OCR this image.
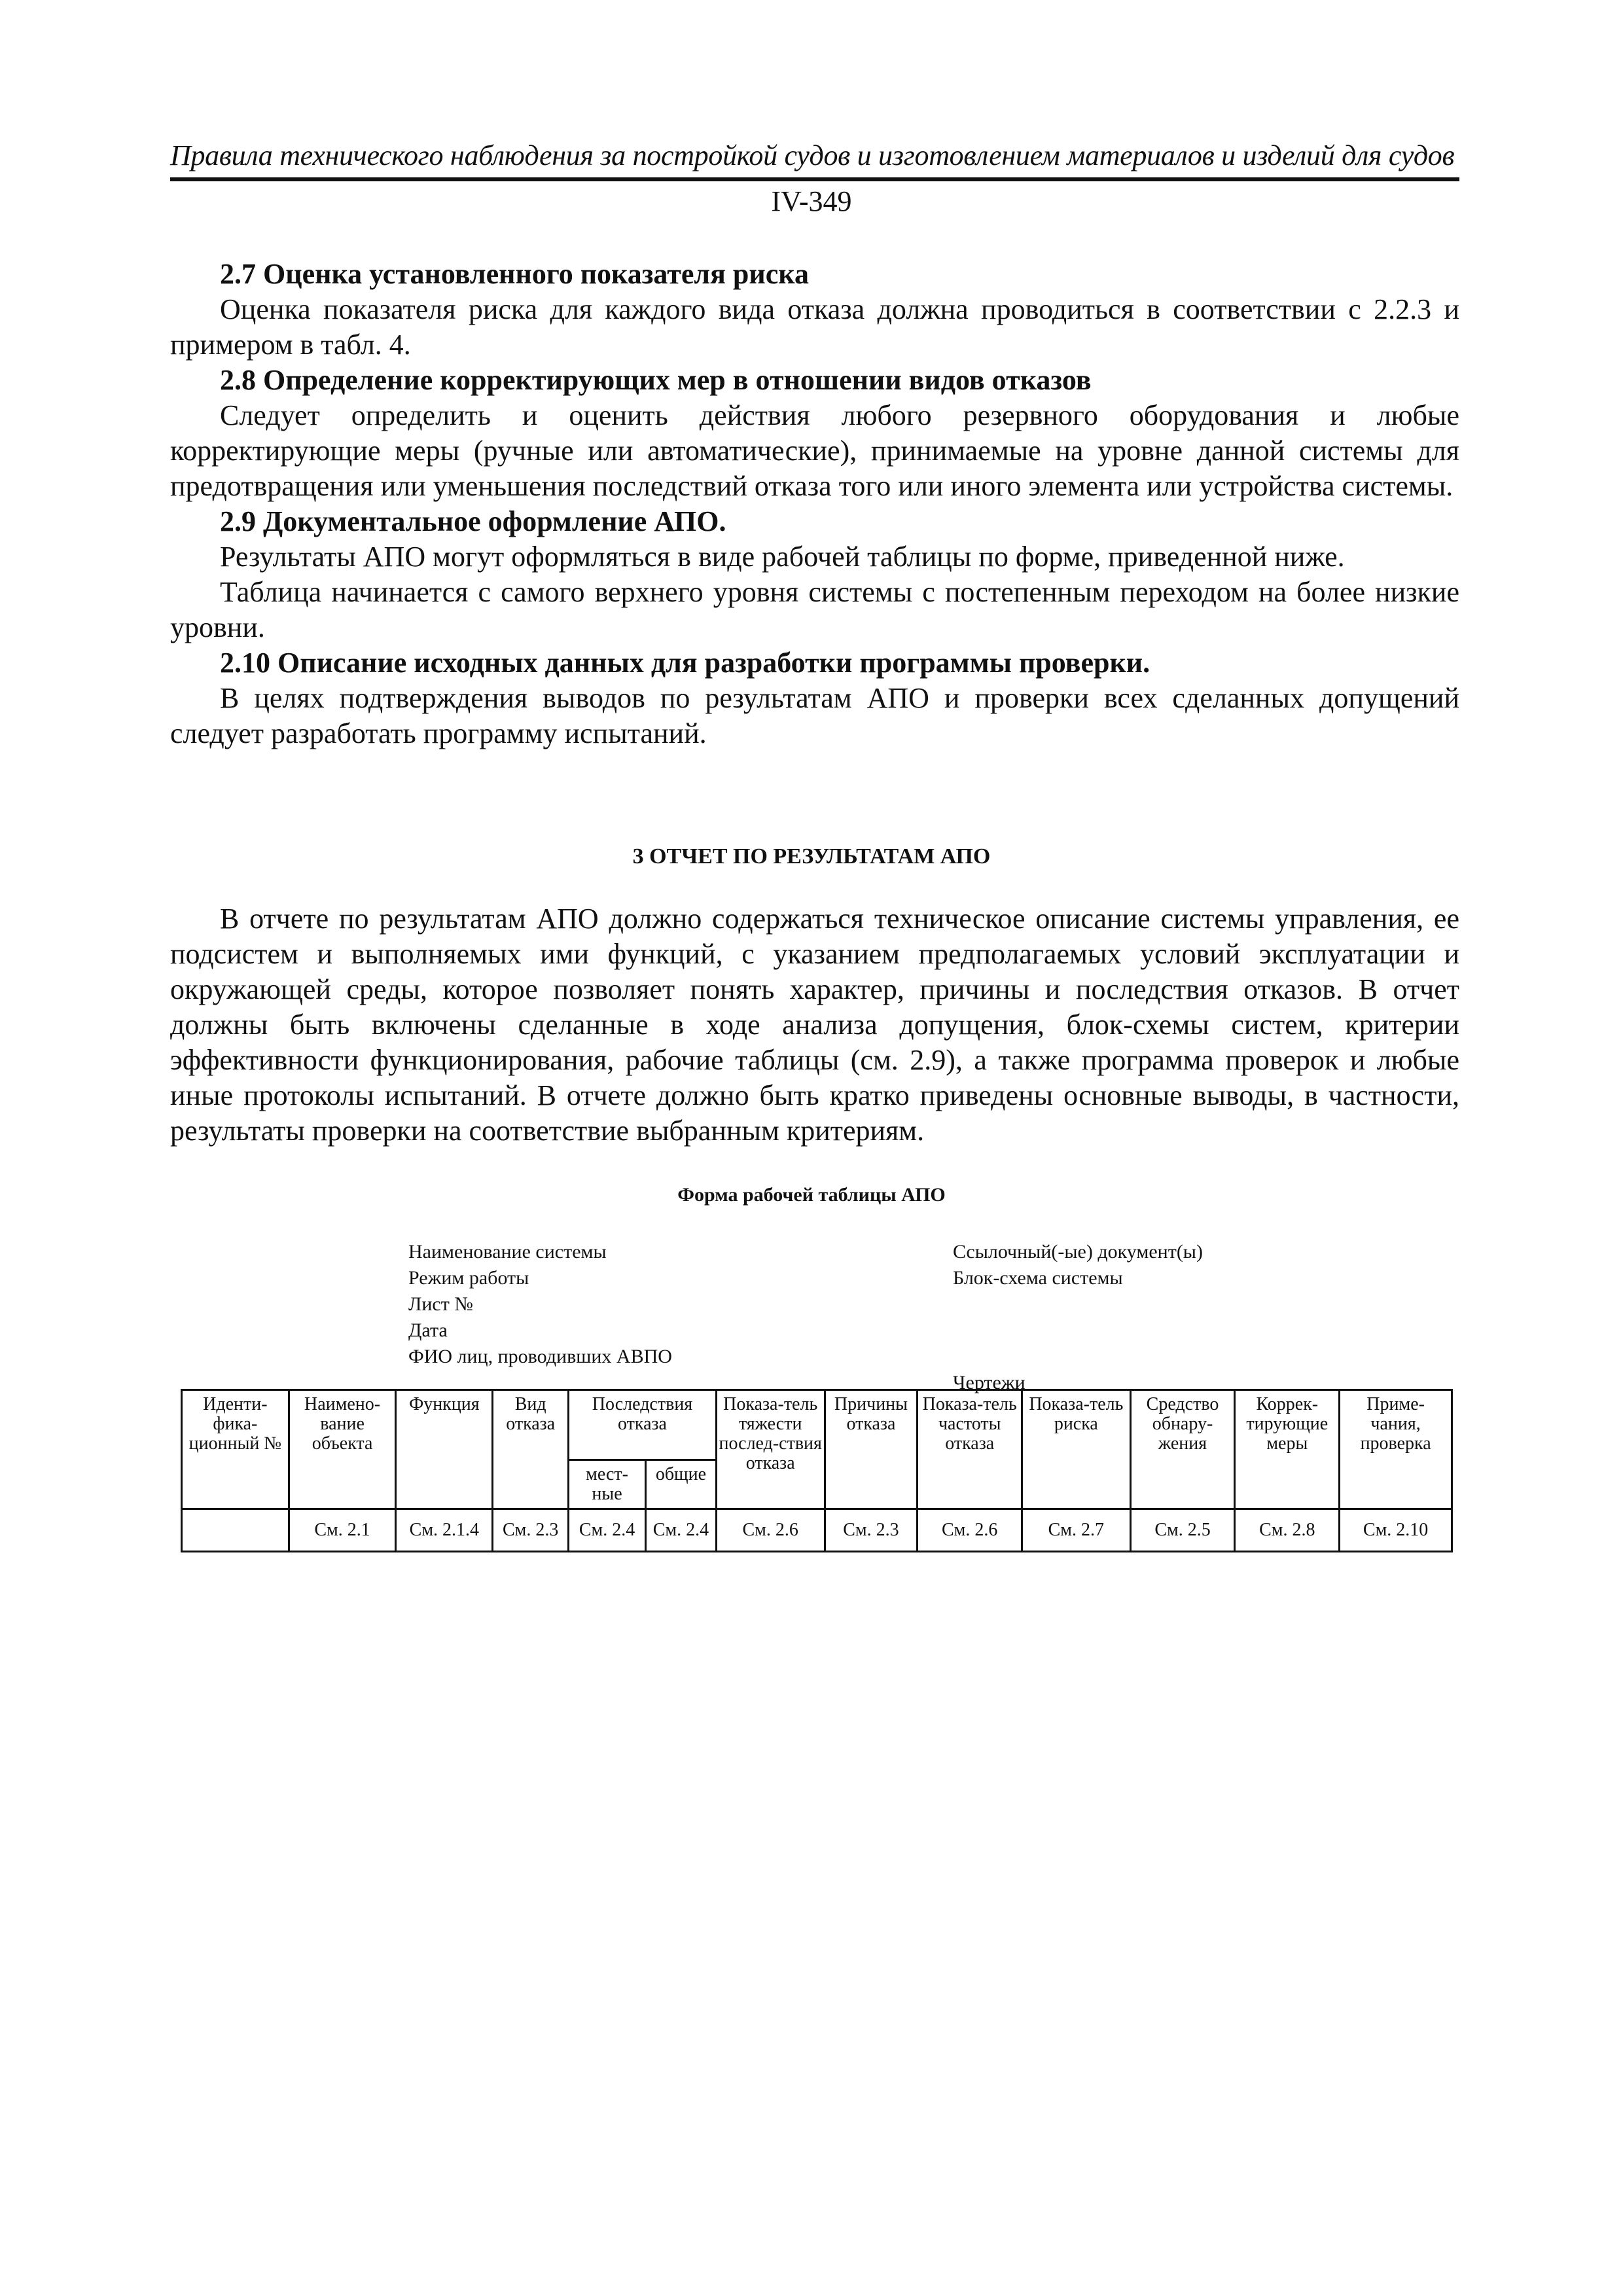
Правила технического наблюдения за постройкой судов и изготовлением материалов и изделий для судов
IV-349

2.7 Оценка установленного показателя риска

Оценка показателя риска для каждого вида отказа должна проводиться в соответствии с 2.2.3 и примером в табл. 4.

2.8 Определение корректирующих мер в отношении видов отказов

Следует определить и оценить действия любого резервного оборудования и любые корректирующие меры (ручные или автоматические), принимаемые на уровне данной системы для предотвращения или уменьшения последствий отказа того или иного элемента или устройства системы.

2.9 Документальное оформление АПО.

Результаты АПО могут оформляться в виде рабочей таблицы по форме, приведенной ниже.

Таблица начинается с самого верхнего уровня системы с постепенным переходом на более низкие уровни.

2.10 Описание исходных данных для разработки программы проверки.

В целях подтверждения выводов по результатам АПО и проверки всех сделанных допущений следует разработать программу испытаний.

3 ОТЧЕТ ПО РЕЗУЛЬТАТАМ АПО

В отчете по результатам АПО должно содержаться техническое описание системы управления, ее подсистем и выполняемых ими функций, с указанием предполагаемых условий эксплуатации и окружающей среды, которое позволяет понять характер, причины и последствия отказов. В отчет должны быть включены сделанные в ходе анализа допущения, блок-схемы систем, критерии эффективности функционирования, рабочие таблицы (см. 2.9), а также программа проверок и любые иные протоколы испытаний. В отчете должно быть кратко приведены основные выводы, в частности, результаты проверки на соответствие выбранным критериям.

Форма рабочей таблицы АПО
Наименование системы
Режим работы
Лист №
Дата
ФИО лиц, проводивших АВПО
Ссылочный(-ые) документ(ы)
Блок-схема системы
Чертежи
Иденти-фика-ционный №	Наимено-вание объекта	Функция	Вид отказа	Последствия отказа		Показа-тель тяжести послед-ствия отказа	Причины отказа	Показа-тель частоты отказа	Показа-тель риска	Средство обнару-жения	Коррек-тирующие меры	Приме-чания, проверка
				мест-ные	общие							
	См. 2.1	См. 2.1.4	См. 2.3	См. 2.4	См. 2.4	См. 2.6	См. 2.3	См. 2.6	См. 2.7	См. 2.5	См. 2.8	См. 2.10
